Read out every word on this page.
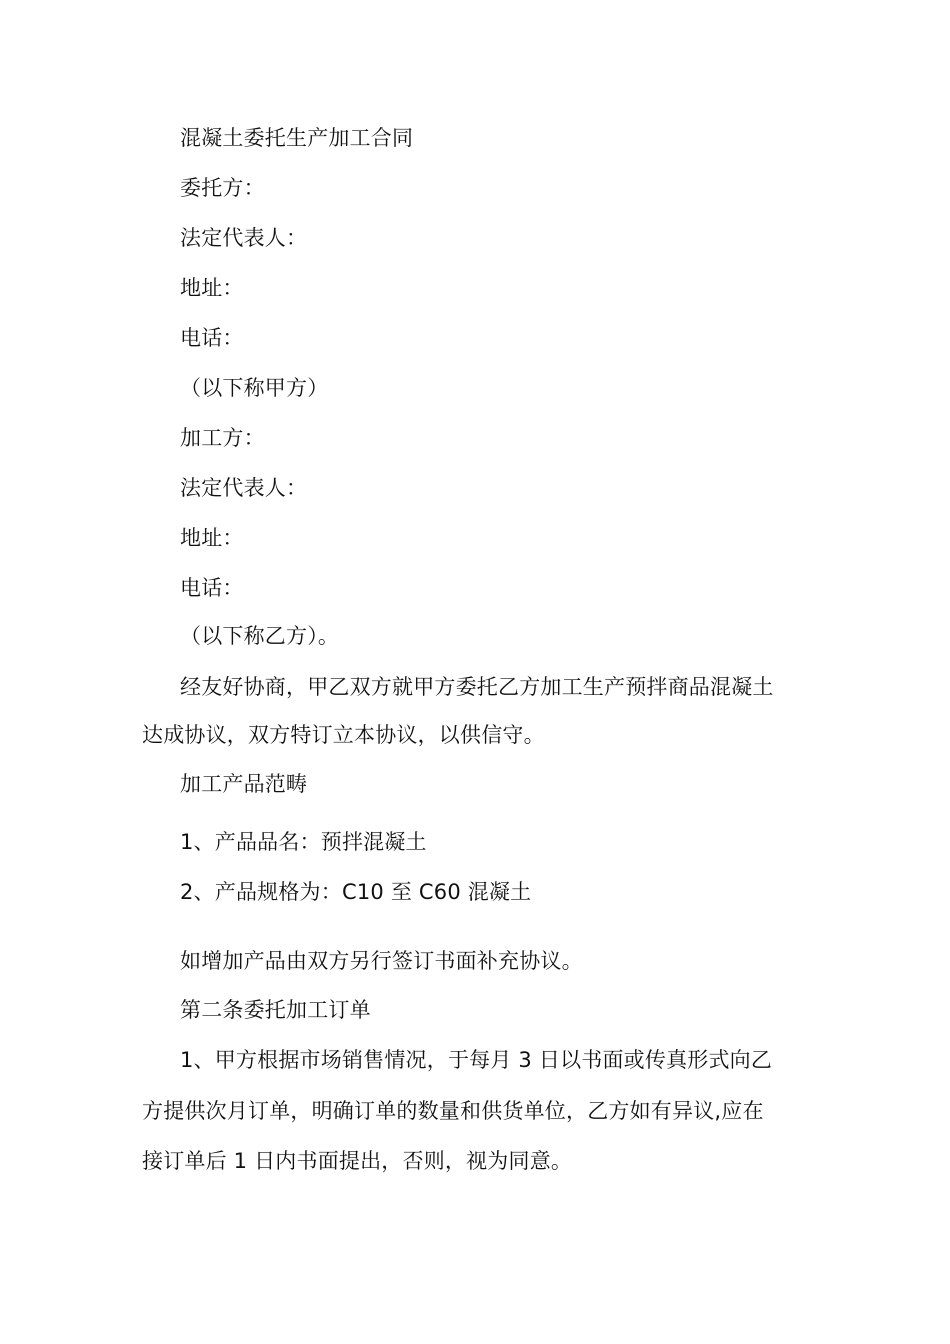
混凝土委托生产加工合同
委托方：
法定代表人：
地址：
电话：
（以下称甲方）
加工方：
法定代表人：
地址：
电话：
（以下称乙方）。
经友好协商，甲乙双方就甲方委托乙方加工生产预拌商品混凝土
达成协议，双方特订立本协议，以供信守。
加工产品范畴
1、产品品名：预拌混凝土
2、产品规格为：C10 至 C60 混凝土
如增加产品由双方另行签订书面补充协议。
第二条委托加工订单
1、甲方根据市场销售情况，于每月 3 日以书面或传真形式向乙
方提供次月订单，明确订单的数量和供货单位，乙方如有异议,应在
接订单后 1 日内书面提出，否则，视为同意。
